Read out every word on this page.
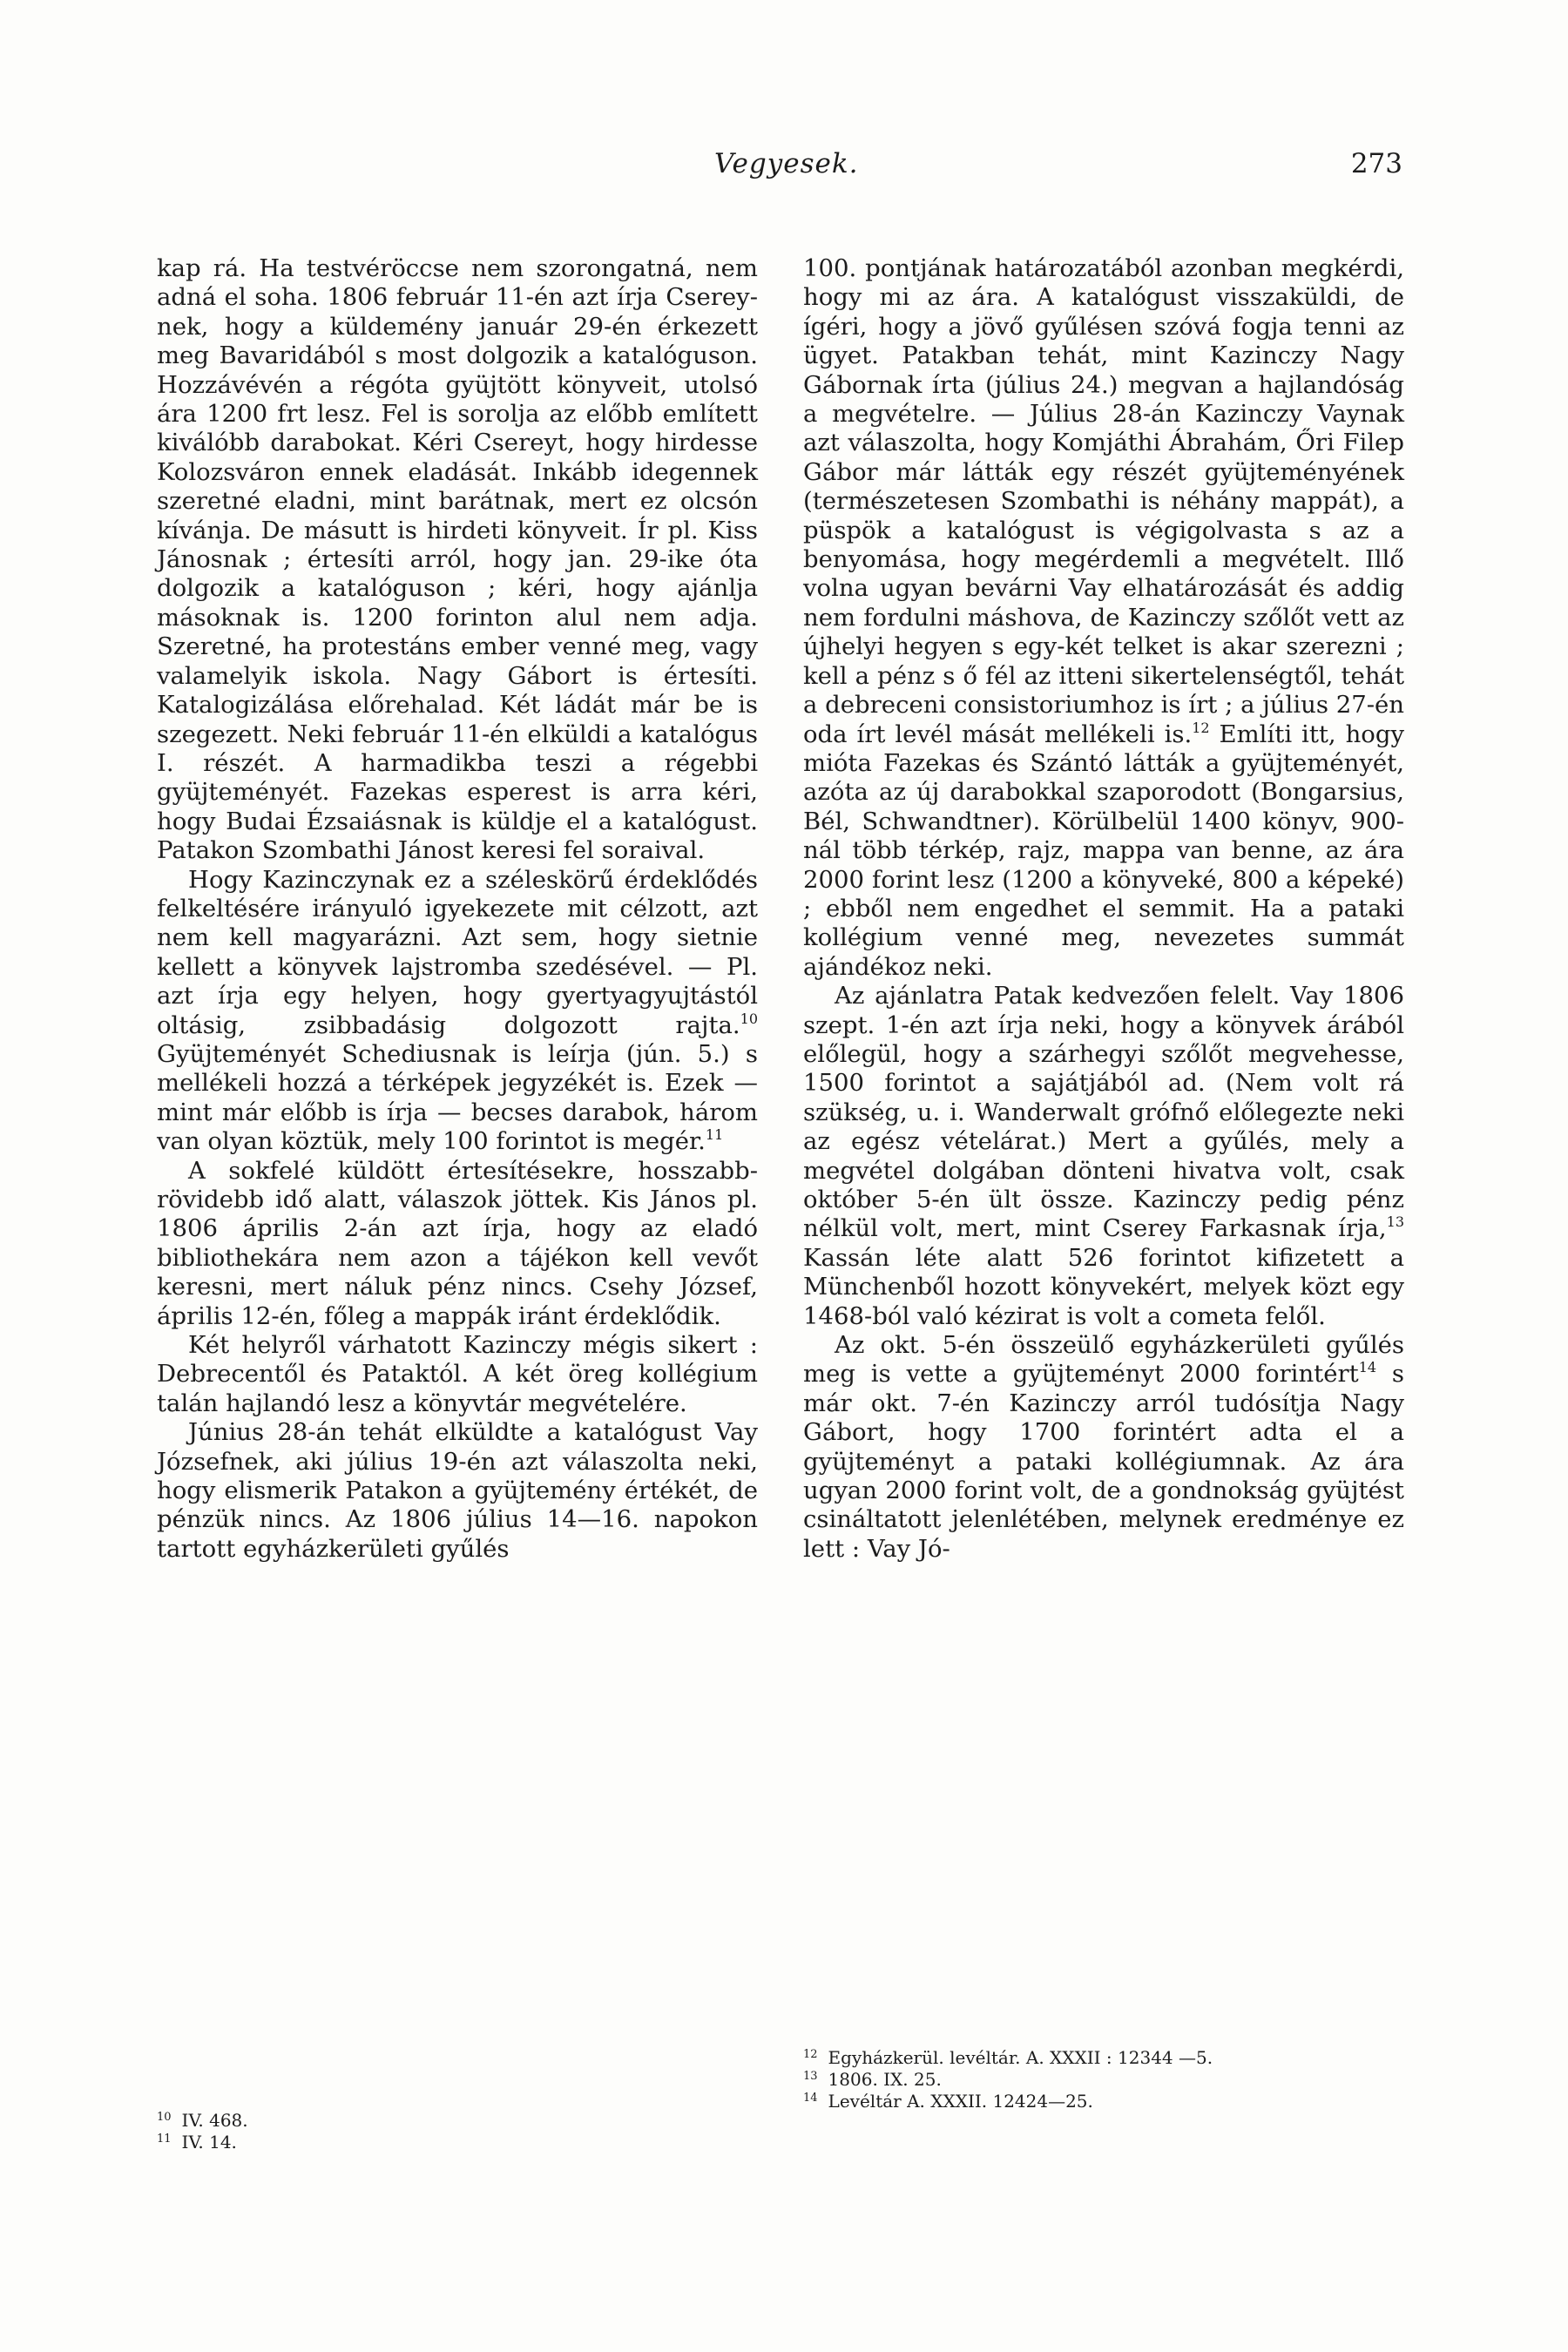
Vegyesek.	273

kap rá. Ha testvéröccse nem szorongatná, nem adná el soha. 1806 február 11-én azt írja Csereynek, hogy a küldemény január 29-én érkezett meg Bavaridából s most dolgozik a katalóguson. Hozzávévén a régóta gyüjtött könyveit, utolsó ára 1200 frt lesz. Fel is sorolja az előbb említett kiválóbb darabokat. Kéri Csereyt, hogy hirdesse Kolozsváron ennek eladását. Inkább idegennek szeretné eladni, mint barátnak, mert ez olcsón kívánja. De másutt is hirdeti könyveit. Ír pl. Kiss Jánosnak ; értesíti arról, hogy jan. 29-ike óta dolgozik a katalóguson ; kéri, hogy ajánlja másoknak is. 1200 forinton alul nem adja. Szeretné, ha protestáns ember venné meg, vagy valamelyik iskola. Nagy Gábort is értesíti. Katalogizálása előrehalad. Két ládát már be is szegezett. Neki február 11-én elküldi a katalógus I. részét. A harmadikba teszi a régebbi gyüjteményét. Fazekas esperest is arra kéri, hogy Budai Ézsaiásnak is küldje el a katalógust. Patakon Szombathi Jánost keresi fel soraival.

Hogy Kazinczynak ez a széleskörű érdeklődés felkeltésére irányuló igyekezete mit célzott, azt nem kell magyarázni. Azt sem, hogy sietnie kellett a könyvek lajstromba szedésével. — Pl. azt írja egy helyen, hogy gyertyagyujtástól oltásig, zsibbadásig dolgozott rajta.$^{10}$ Gyüjteményét Schediusnak is leírja (jún. 5.) s mellékeli hozzá a térképek jegyzékét is. Ezek — mint már előbb is írja — becses darabok, három van olyan köztük, mely 100 forintot is megér.$^{11}$

A sokfelé küldött értesítésekre, hosszabb-rövidebb idő alatt, válaszok jöttek. Kis János pl. 1806 április 2-án azt írja, hogy az eladó bibliothekára nem azon a tájékon kell vevőt keresni, mert náluk pénz nincs. Csehy József, április 12-én, főleg a mappák iránt érdeklődik.

Két helyről várhatott Kazinczy mégis sikert : Debrecentől és Pataktól. A két öreg kollégium talán hajlandó lesz a könyvtár megvételére.

Június 28-án tehát elküldte a katalógust Vay Józsefnek, aki július 19-én azt válaszolta neki, hogy elismerik Patakon a gyüjtemény értékét, de pénzük nincs. Az 1806 július 14—16. napokon tartott egyházkerületi gyűlés

$^{10}$ IV. 468.

$^{11}$ IV. 14.

100. pontjának határozatából azonban megkérdi, hogy mi az ára. A katalógust visszaküldi, de ígéri, hogy a jövő gyűlésen szóvá fogja tenni az ügyet. Patakban tehát, mint Kazinczy Nagy Gábornak írta (július 24.) megvan a hajlandóság a megvételre. — Július 28-án Kazinczy Vaynak azt válaszolta, hogy Komjáthi Ábrahám, Őri Filep Gábor már látták egy részét gyüjteményének (természetesen Szombathi is néhány mappát), a püspök a katalógust is végigolvasta s az a benyomása, hogy megérdemli a megvételt. Illő volna ugyan bevárni Vay elhatározását és addig nem fordulni máshova, de Kazinczy szőlőt vett az újhelyi hegyen s egy-két telket is akar szerezni ; kell a pénz s ő fél az itteni sikertelenségtől, tehát a debreceni consistoriumhoz is írt ; a július 27-én oda írt levél mását mellékeli is.$^{12}$ Említi itt, hogy mióta Fazekas és Szántó látták a gyüjteményét, azóta az új darabokkal szaporodott (Bongarsius, Bél, Schwandtner). Körülbelül 1400 könyv, 900-nál több térkép, rajz, mappa van benne, az ára 2000 forint lesz (1200 a könyveké, 800 a képeké) ; ebből nem engedhet el semmit. Ha a pataki kollégium venné meg, nevezetes summát ajándékoz neki.

Az ajánlatra Patak kedvezően felelt. Vay 1806 szept. 1-én azt írja neki, hogy a könyvek árából előlegül, hogy a szárhegyi szőlőt megvehesse, 1500 forintot a sajátjából ad. (Nem volt rá szükség, u. i. Wanderwalt grófnő előlegezte neki az egész vételárat.) Mert a gyűlés, mely a megvétel dolgában dönteni hivatva volt, csak október 5-én ült össze. Kazinczy pedig pénz nélkül volt, mert, mint Cserey Farkasnak írja,$^{13}$ Kassán léte alatt 526 forintot kifizetett a Münchenből hozott könyvekért, melyek közt egy 1468-ból való kézirat is volt a cometa felől.

Az okt. 5-én összeülő egyházkerületi gyűlés meg is vette a gyüjteményt 2000 forintért$^{14}$ s már okt. 7-én Kazinczy arról tudósítja Nagy Gábort, hogy 1700 forintért adta el a gyüjteményt a pataki kollégiumnak. Az ára ugyan 2000 forint volt, de a gondnokság gyüjtést csináltatott jelenlétében, melynek eredménye ez lett : Vay Jó-

$^{12}$ Egyházkerül. levéltár. A. XXXII : 12344 —5.

$^{13}$ 1806. IX. 25.

$^{14}$ Levéltár A. XXXII. 12424—25.
